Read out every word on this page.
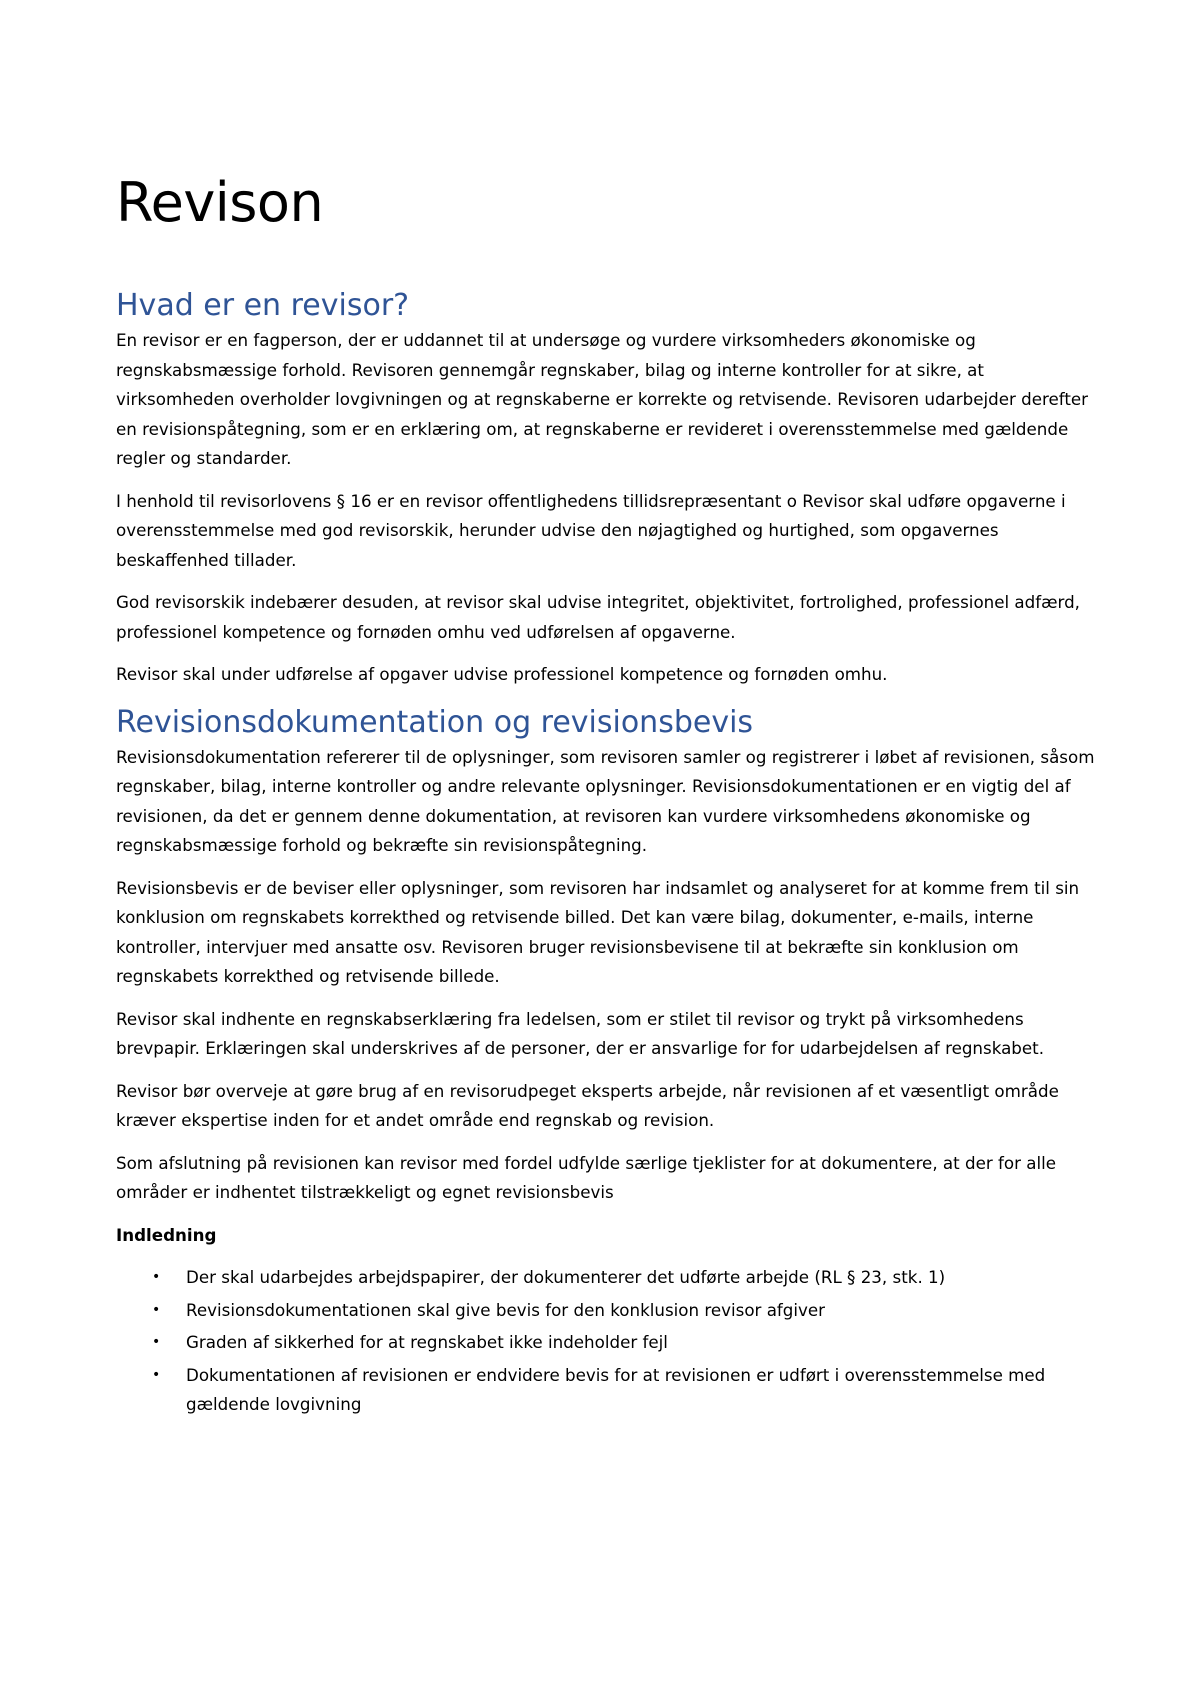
Revison
Hvad er en revisor?

En revisor er en fagperson, der er uddannet til at undersøge og vurdere virksomheders økonomiske og regnskabsmæssige forhold. Revisoren gennemgår regnskaber, bilag og interne kontroller for at sikre, at virksomheden overholder lovgivningen og at regnskaberne er korrekte og retvisende. Revisoren udarbejder derefter en revisionspåtegning, som er en erklæring om, at regnskaberne er revideret i overensstemmelse med gældende regler og standarder.

I henhold til revisorlovens § 16 er en revisor offentlighedens tillidsrepræsentant o Revisor skal udføre opgaverne i overensstemmelse med god revisorskik, herunder udvise den nøjagtighed og hurtighed, som opgavernes beskaffenhed tillader.

God revisorskik indebærer desuden, at revisor skal udvise integritet, objektivitet, fortrolighed, professionel adfærd, professionel kompetence og fornøden omhu ved udførelsen af opgaverne.

Revisor skal under udførelse af opgaver udvise professionel kompetence og fornøden omhu.

Revisionsdokumentation og revisionsbevis

Revisionsdokumentation refererer til de oplysninger, som revisoren samler og registrerer i løbet af revisionen, såsom regnskaber, bilag, interne kontroller og andre relevante oplysninger. Revisionsdokumentationen er en vigtig del af revisionen, da det er gennem denne dokumentation, at revisoren kan vurdere virksomhedens økonomiske og regnskabsmæssige forhold og bekræfte sin revisionspåtegning.

Revisionsbevis er de beviser eller oplysninger, som revisoren har indsamlet og analyseret for at komme frem til sin konklusion om regnskabets korrekthed og retvisende billed. Det kan være bilag, dokumenter, e-mails, interne kontroller, intervjuer med ansatte osv. Revisoren bruger revisionsbevisene til at bekræfte sin konklusion om regnskabets korrekthed og retvisende billede.

Revisor skal indhente en regnskabserklæring fra ledelsen, som er stilet til revisor og trykt på virksomhedens brevpapir. Erklæringen skal underskrives af de personer, der er ansvarlige for for udarbejdelsen af regnskabet.

Revisor bør overveje at gøre brug af en revisorudpeget eksperts arbejde, når revisionen af et væsentligt område kræver ekspertise inden for et andet område end regnskab og revision.

Som afslutning på revisionen kan revisor med fordel udfylde særlige tjeklister for at dokumentere, at der for alle områder er indhentet tilstrækkeligt og egnet revisionsbevis

Indledning

• Der skal udarbejdes arbejdspapirer, der dokumenterer det udførte arbejde (RL § 23, stk. 1)
• Revisionsdokumentationen skal give bevis for den konklusion revisor afgiver
• Graden af sikkerhed for at regnskabet ikke indeholder fejl
• Dokumentationen af revisionen er endvidere bevis for at revisionen er udført i overensstemmelse med gældende lovgivning
